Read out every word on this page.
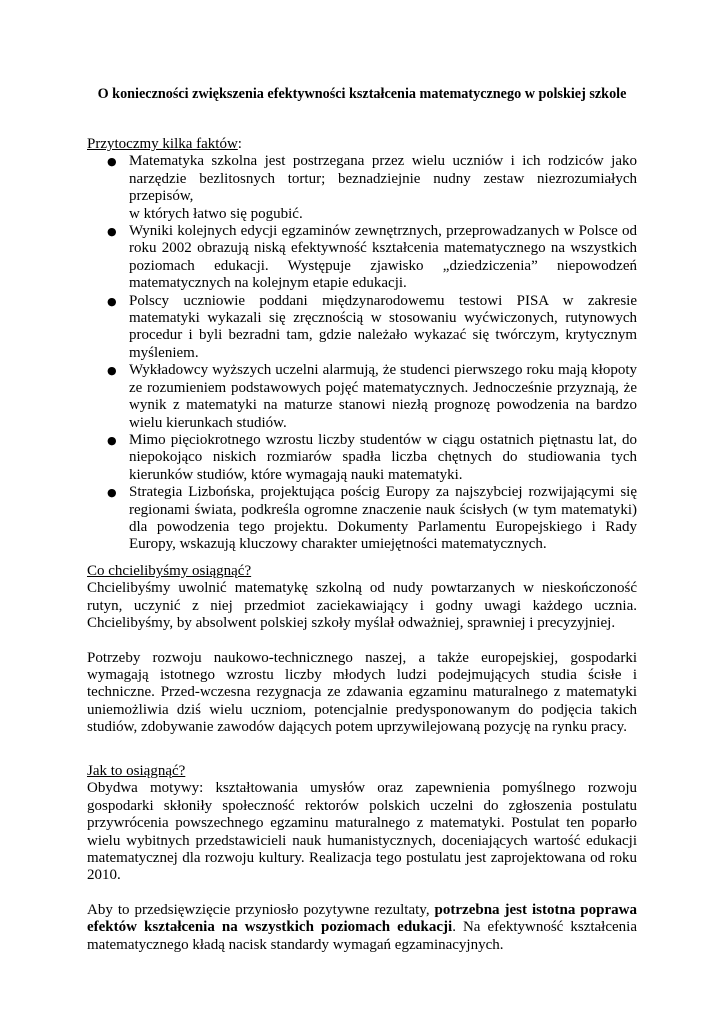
O konieczności zwiększenia efektywności kształcenia matematycznego w polskiej szkole

Przytoczmy kilka faktów:

● Matematyka szkolna jest postrzegana przez wielu uczniów i ich rodziców jako narzędzie bezlitosnych tortur; beznadziejnie nudny zestaw niezrozumiałych przepisów,
w których łatwo się pogubić.
● Wyniki kolejnych edycji egzaminów zewnętrznych, przeprowadzanych w Polsce od roku 2002 obrazują niską efektywność kształcenia matematycznego na wszystkich poziomach edukacji. Występuje zjawisko „dziedziczenia” niepowodzeń matematycznych na kolejnym etapie edukacji.
● Polscy uczniowie poddani międzynarodowemu testowi PISA w zakresie matematyki wykazali się zręcznością w stosowaniu wyćwiczonych, rutynowych procedur i byli bezradni tam, gdzie należało wykazać się twórczym, krytycznym myśleniem.
● Wykładowcy wyższych uczelni alarmują, że studenci pierwszego roku mają kłopoty ze rozumieniem podstawowych pojęć matematycznych. Jednocześnie przyznają, że wynik z matematyki na maturze stanowi niezłą prognozę powodzenia na bardzo wielu kierunkach studiów.
● Mimo pięciokrotnego wzrostu liczby studentów w ciągu ostatnich piętnastu lat, do niepokojąco niskich rozmiarów spadła liczba chętnych do studiowania tych kierunków studiów, które wymagają nauki matematyki.
● Strategia Lizbońska, projektująca pościg Europy za najszybciej rozwijającymi się regionami świata, podkreśla ogromne znaczenie nauk ścisłych (w tym matematyki) dla powodzenia tego projektu. Dokumenty Parlamentu Europejskiego i Rady Europy, wskazują kluczowy charakter umiejętności matematycznych.

Co chcielibyśmy osiągnąć?

Chcielibyśmy uwolnić matematykę szkolną od nudy powtarzanych w nieskończoność rutyn, uczynić z niej przedmiot zaciekawiający i godny uwagi każdego ucznia. Chcielibyśmy, by absolwent polskiej szkoły myślał odważniej, sprawniej i precyzyjniej.

Potrzeby rozwoju naukowo-technicznego naszej, a także europejskiej, gospodarki wymagają istotnego wzrostu liczby młodych ludzi podejmujących studia ścisłe i techniczne. Przed-wczesna rezygnacja ze zdawania egzaminu maturalnego z matematyki uniemożliwia dziś wielu uczniom, potencjalnie predysponowanym do podjęcia takich studiów, zdobywanie zawodów dających potem uprzywilejowaną pozycję na rynku pracy.

Jak to osiągnąć?

Obydwa motywy: kształtowania umysłów oraz zapewnienia pomyślnego rozwoju gospodarki skłoniły społeczność rektorów polskich uczelni do zgłoszenia postulatu przywrócenia powszechnego egzaminu maturalnego z matematyki. Postulat ten poparło wielu wybitnych przedstawicieli nauk humanistycznych, doceniających wartość edukacji matematycznej dla rozwoju kultury. Realizacja tego postulatu jest zaprojektowana od roku 2010.

Aby to przedsięwzięcie przyniosło pozytywne rezultaty, potrzebna jest istotna poprawa efektów kształcenia na wszystkich poziomach edukacji. Na efektywność kształcenia matematycznego kładą nacisk standardy wymagań egzaminacyjnych.
